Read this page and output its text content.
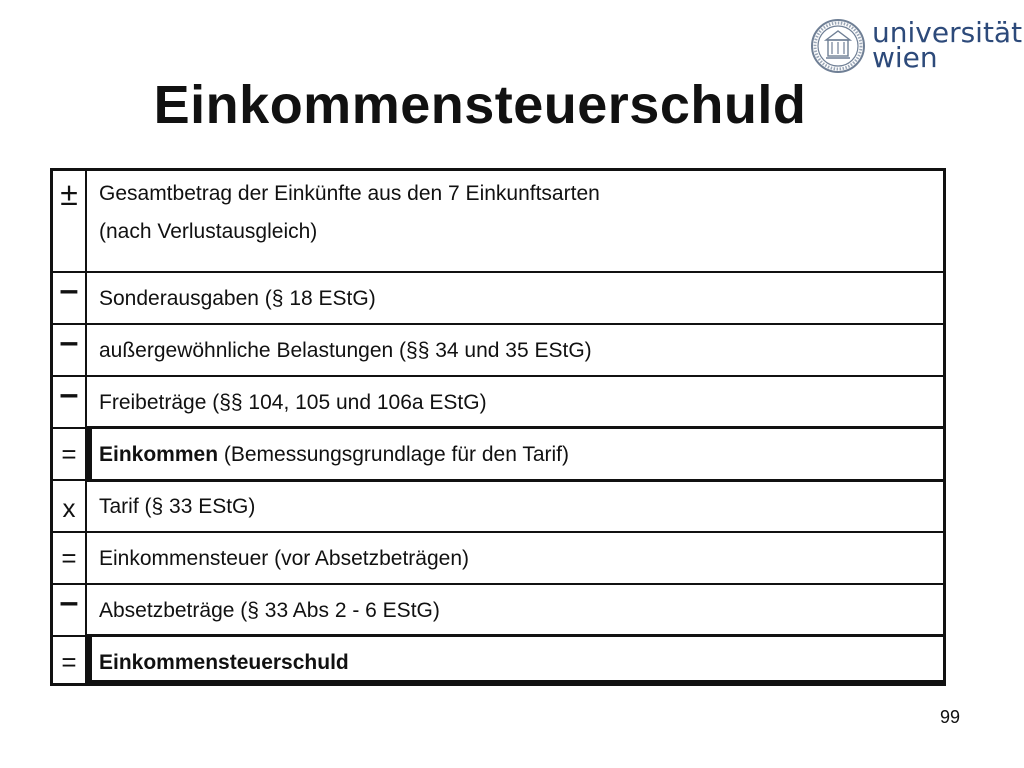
universität
wien
Einkommensteuerschuld
±	Gesamtbetrag der Einkünfte aus den 7 Einkunftsarten
(nach Verlustausgleich)
– Sonderausgaben (§ 18 EStG)
– außergewöhnliche Belastungen (§§ 34 und 35 EStG)
– Freibeträge (§§ 104, 105 und 106a EStG)
=	Einkommen (Bemessungsgrundlage für den Tarif)
x	Tarif (§ 33 EStG)
=	Einkommensteuer (vor Absetzbeträgen)
– Absetzbeträge (§ 33 Abs 2 - 6 EStG)
=	Einkommensteuerschuld
99
